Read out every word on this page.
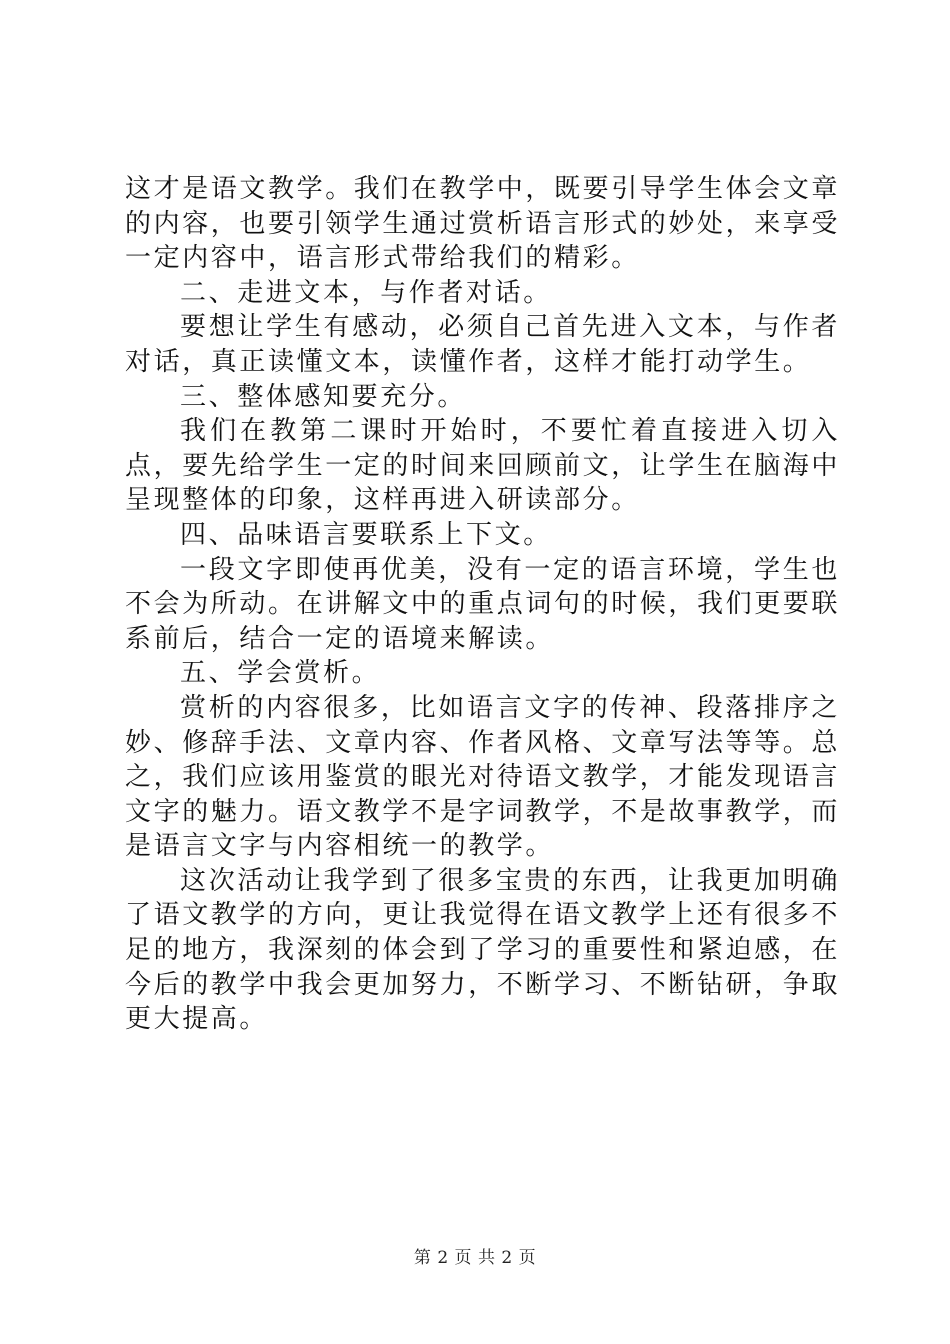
这才是语文教学。我们在教学中，既要引导学生体会文章的内容，也要引领学生通过赏析语言形式的妙处，来享受一定内容中，语言形式带给我们的精彩。

二、走进文本，与作者对话。

要想让学生有感动，必须自己首先进入文本，与作者对话，真正读懂文本，读懂作者，这样才能打动学生。

三、整体感知要充分。

我们在教第二课时开始时，不要忙着直接进入切入点，要先给学生一定的时间来回顾前文，让学生在脑海中呈现整体的印象，这样再进入研读部分。

四、品味语言要联系上下文。

一段文字即使再优美，没有一定的语言环境，学生也不会为所动。在讲解文中的重点词句的时候，我们更要联系前后，结合一定的语境来解读。

五、学会赏析。

赏析的内容很多，比如语言文字的传神、段落排序之妙、修辞手法、文章内容、作者风格、文章写法等等。总之，我们应该用鉴赏的眼光对待语文教学，才能发现语言文字的魅力。语文教学不是字词教学，不是故事教学，而是语言文字与内容相统一的教学。

这次活动让我学到了很多宝贵的东西，让我更加明确了语文教学的方向，更让我觉得在语文教学上还有很多不足的地方，我深刻的体会到了学习的重要性和紧迫感，在今后的教学中我会更加努力，不断学习、不断钻研，争取更大提高。

第 2 页 共 2 页
